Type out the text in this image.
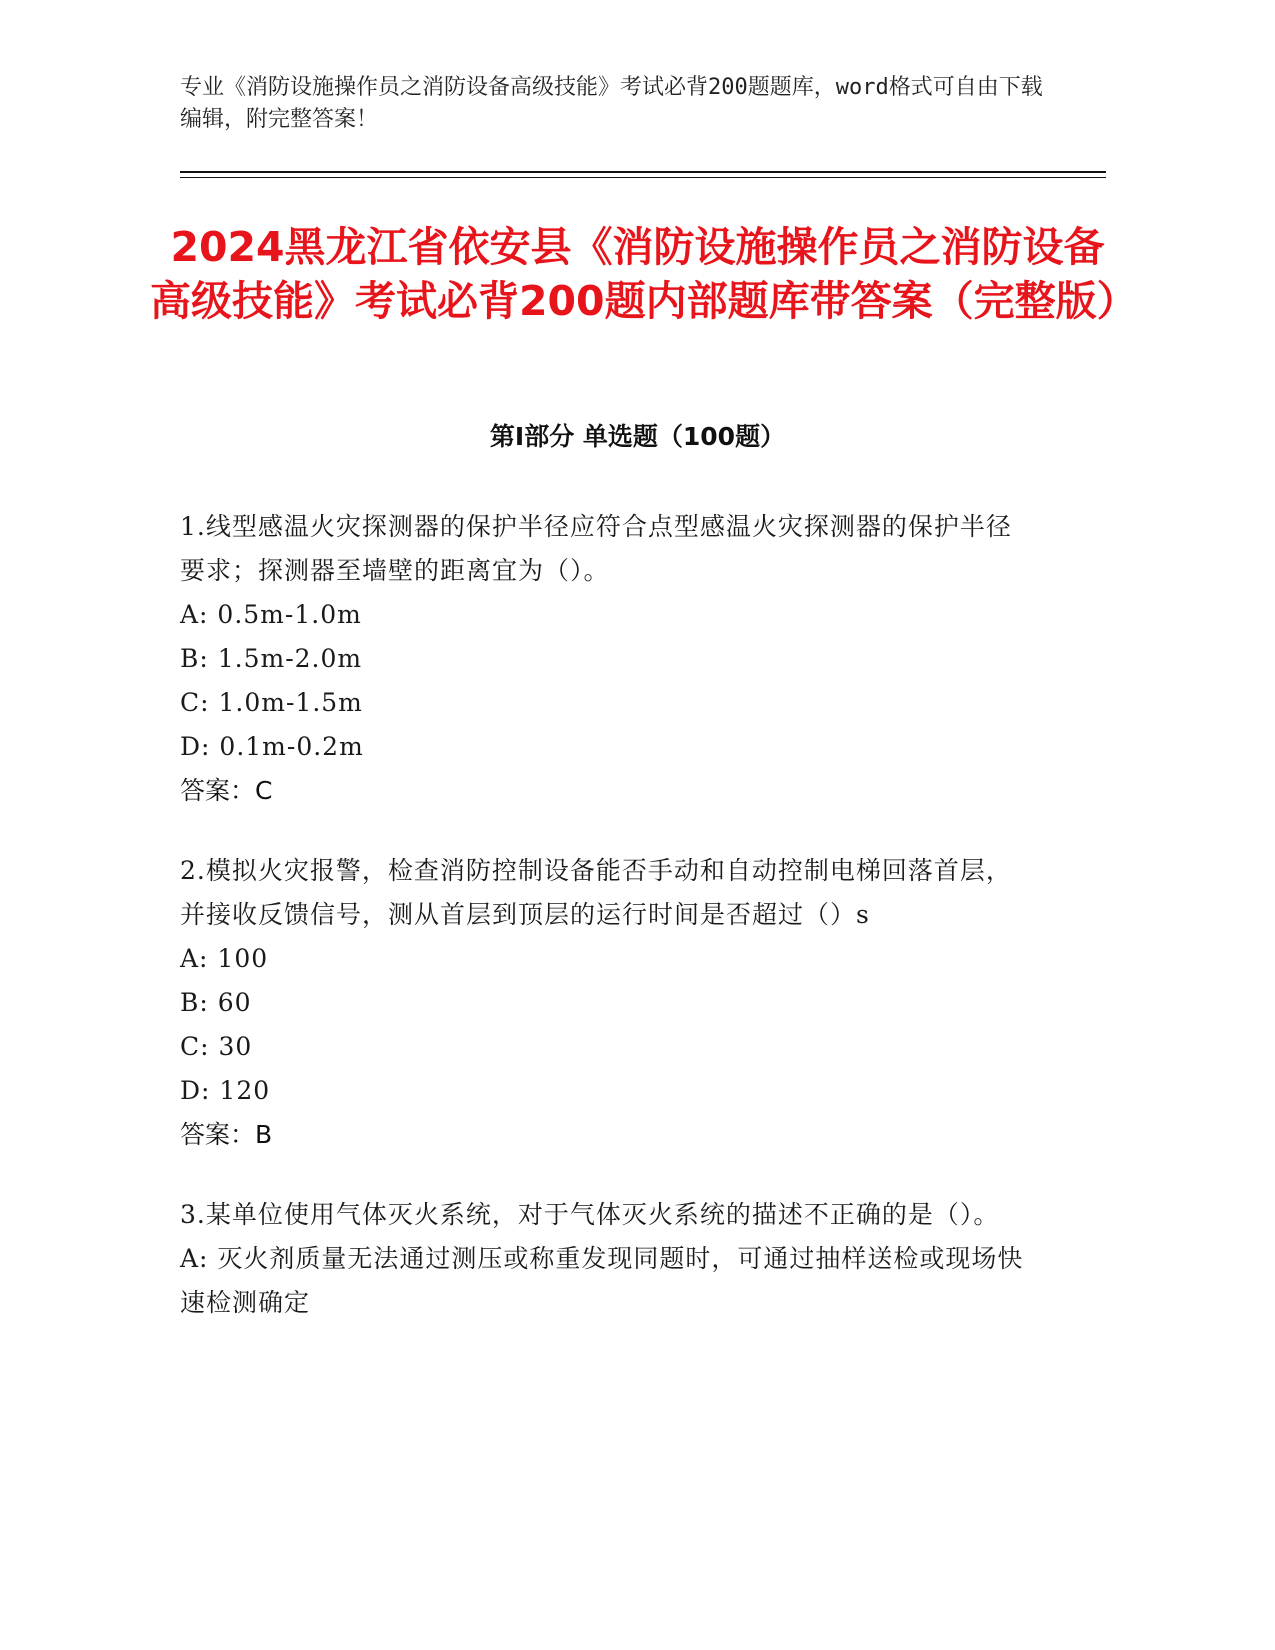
专业《消防设施操作员之消防设备高级技能》考试必背200题题库，word格式可自由下载编辑，附完整答案！
2024黑龙江省依安县《消防设施操作员之消防设备高级技能》考试必背200题内部题库带答案（完整版）
第I部分 单选题（100题）
1.线型感温火灾探测器的保护半径应符合点型感温火灾探测器的保护半径要求；探测器至墙壁的距离宜为（）。
A: 0.5m-1.0m
B: 1.5m-2.0m
C: 1.0m-1.5m
D: 0.1m-0.2m
答案：C
2.模拟火灾报警，检查消防控制设备能否手动和自动控制电梯回落首层，并接收反馈信号，测从首层到顶层的运行时间是否超过（）s
A: 100
B: 60
C: 30
D: 120
答案：B
3.某单位使用气体灭火系统，对于气体灭火系统的描述不正确的是（）。
A: 灭火剂质量无法通过测压或称重发现同题时，可通过抽样送检或现场快速检测确定
